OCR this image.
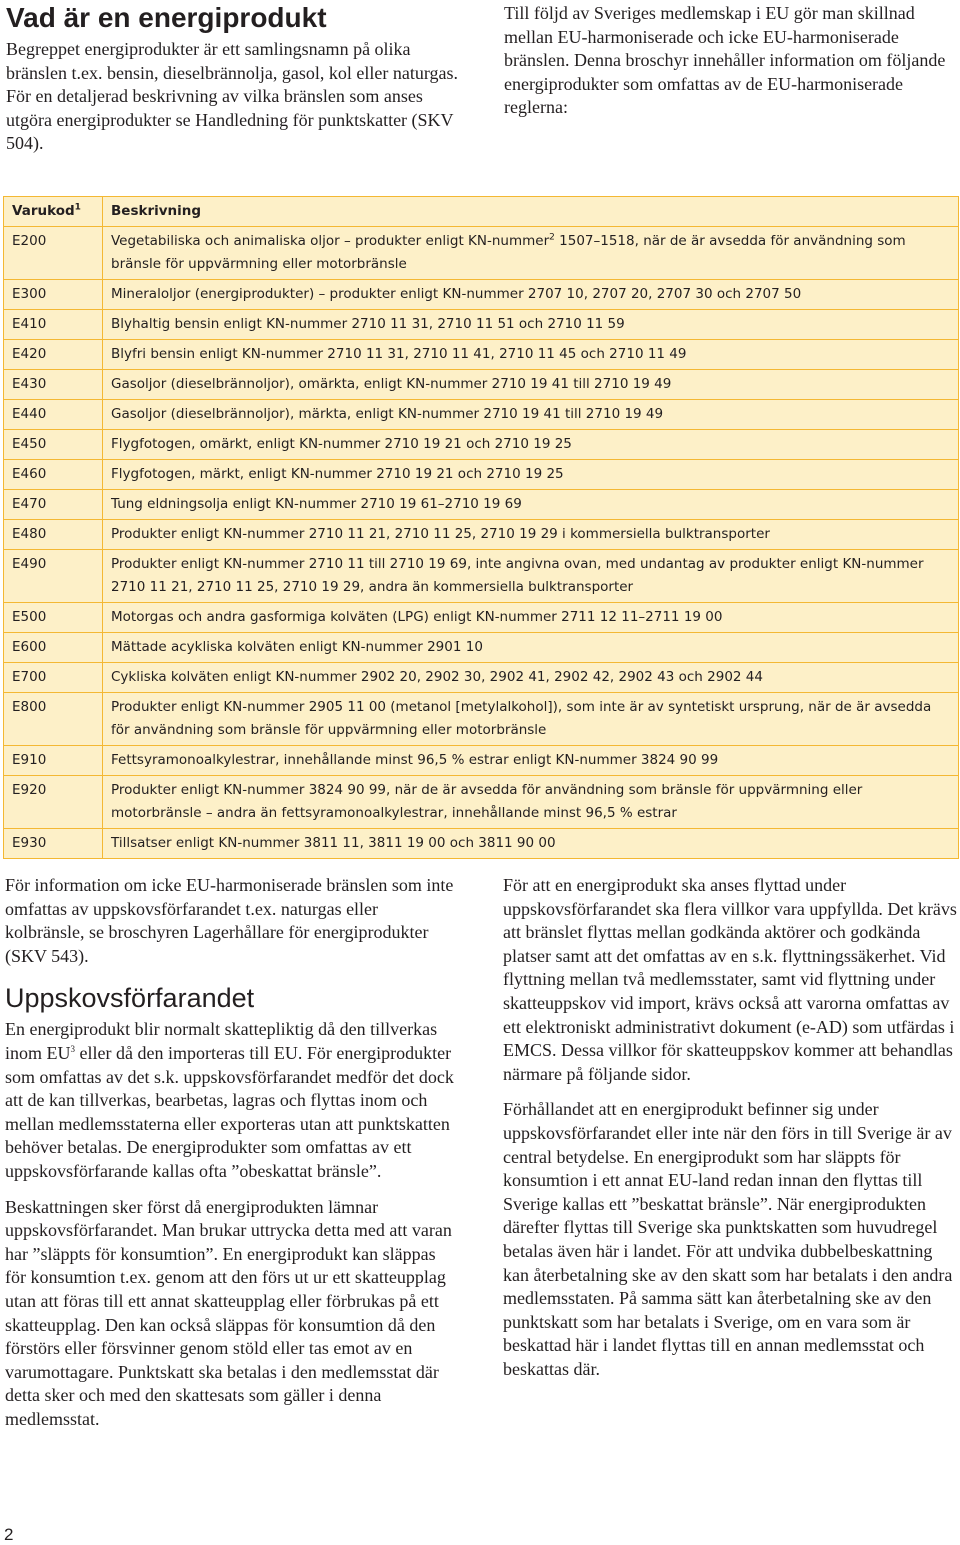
Vad är en energiprodukt

Begreppet energiprodukter är ett samlingsnamn på olika bränslen t.ex. bensin, dieselbrännolja, gasol, kol eller naturgas. För en detaljerad beskrivning av vilka bränslen som anses utgöra energiprodukter se Handledning för punktskatter (SKV 504).

Till följd av Sveriges medlemskap i EU gör man skillnad mellan EU-harmoniserade och icke EU-harmoniserade bränslen. Denna broschyr innehåller information om följande energiprodukter som omfattas av de EU-harmoniserade reglerna:

Varukod$^1$	Beskrivning
E200	Vegetabiliska och animaliska oljor – produkter enligt KN-nummer$^2$ 1507–1518, när de är avsedda för användning som bränsle för uppvärmning eller motorbränsle
E300	Mineraloljor (energiprodukter) – produkter enligt KN-nummer 2707 10, 2707 20, 2707 30 och 2707 50
E410	Blyhaltig bensin enligt KN-nummer 2710 11 31, 2710 11 51 och 2710 11 59
E420	Blyfri bensin enligt KN-nummer 2710 11 31, 2710 11 41, 2710 11 45 och 2710 11 49
E430	Gasoljor (dieselbrännoljor), omärkta, enligt KN-nummer 2710 19 41 till 2710 19 49
E440	Gasoljor (dieselbrännoljor), märkta, enligt KN-nummer 2710 19 41 till 2710 19 49
E450	Flygfotogen, omärkt, enligt KN-nummer 2710 19 21 och 2710 19 25
E460	Flygfotogen, märkt, enligt KN-nummer 2710 19 21 och 2710 19 25
E470	Tung eldningsolja enligt KN-nummer 2710 19 61–2710 19 69
E480	Produkter enligt KN-nummer 2710 11 21, 2710 11 25, 2710 19 29 i kommersiella bulktransporter
E490	Produkter enligt KN-nummer 2710 11 till 2710 19 69, inte angivna ovan, med undantag av produkter enligt KN-nummer 2710 11 21, 2710 11 25, 2710 19 29, andra än kommersiella bulktransporter
E500	Motorgas och andra gasformiga kolväten (LPG) enligt KN-nummer 2711 12 11–2711 19 00
E600	Mättade acykliska kolväten enligt KN-nummer 2901 10
E700	Cykliska kolväten enligt KN-nummer 2902 20, 2902 30, 2902 41, 2902 42, 2902 43 och 2902 44
E800	Produkter enligt KN-nummer 2905 11 00 (metanol [metylalkohol]), som inte är av syntetiskt ursprung, när de är avsedda för användning som bränsle för uppvärmning eller motorbränsle
E910	Fettsyramonoalkylestrar, innehållande minst 96,5 % estrar enligt KN-nummer 3824 90 99
E920	Produkter enligt KN-nummer 3824 90 99, när de är avsedda för användning som bränsle för uppvärmning eller motorbränsle – andra än fettsyramonoalkylestrar, innehållande minst 96,5 % estrar
E930	Tillsatser enligt KN-nummer 3811 11, 3811 19 00 och 3811 90 00

För information om icke EU-harmoniserade bränslen som inte omfattas av uppskovsförfarandet t.ex. naturgas eller kolbränsle, se broschyren Lagerhållare för energiprodukter (SKV 543).

Uppskovsförfarandet

En energiprodukt blir normalt skattepliktig då den tillverkas inom $EU^3$ eller då den importeras till EU. För energiprodukter som omfattas av det s.k. uppskovsförfarandet medför det dock att de kan tillverkas, bearbetas, lagras och flyttas inom och mellan medlemsstaterna eller exporteras utan att punktskatten behöver betalas. De energiprodukter som omfattas av ett uppskovsförfarande kallas ofta ”obeskattat bränsle”.

Beskattningen sker först då energiprodukten lämnar uppskovsförfarandet. Man brukar uttrycka detta med att varan har ”släppts för konsumtion”. En energiprodukt kan släppas för konsumtion t.ex. genom att den förs ut ur ett skatteupplag utan att föras till ett annat skatteupplag eller förbrukas på ett skatteupplag. Den kan också släppas för konsumtion då den förstörs eller försvinner genom stöld eller tas emot av en varumottagare. Punktskatt ska betalas i den medlemsstat där detta sker och med den skattesats som gäller i denna medlemsstat.

För att en energiprodukt ska anses flyttad under uppskovsförfarandet ska flera villkor vara uppfyllda. Det krävs att bränslet flyttas mellan godkända aktörer och godkända platser samt att det omfattas av en s.k. flyttningssäkerhet. Vid flyttning mellan två medlemsstater, samt vid flyttning under skatteuppskov vid import, krävs också att varorna omfattas av ett elektroniskt administrativt dokument (e-AD) som utfärdas i EMCS. Dessa villkor för skatteuppskov kommer att behandlas närmare på följande sidor.

Förhållandet att en energiprodukt befinner sig under uppskovsförfarandet eller inte när den förs in till Sverige är av central betydelse. En energiprodukt som har släppts för konsumtion i ett annat EU-land redan innan den flyttas till Sverige kallas ett ”beskattat bränsle”. När energiprodukten därefter flyttas till Sverige ska punktskatten som huvudregel betalas även här i landet. För att undvika dubbelbeskattning kan återbetalning ske av den skatt som har betalats i den andra medlemsstaten. På samma sätt kan återbetalning ske av den punktskatt som har betalats i Sverige, om en vara som är beskattad här i landet flyttas till en annan medlemsstat och beskattas där.

2
